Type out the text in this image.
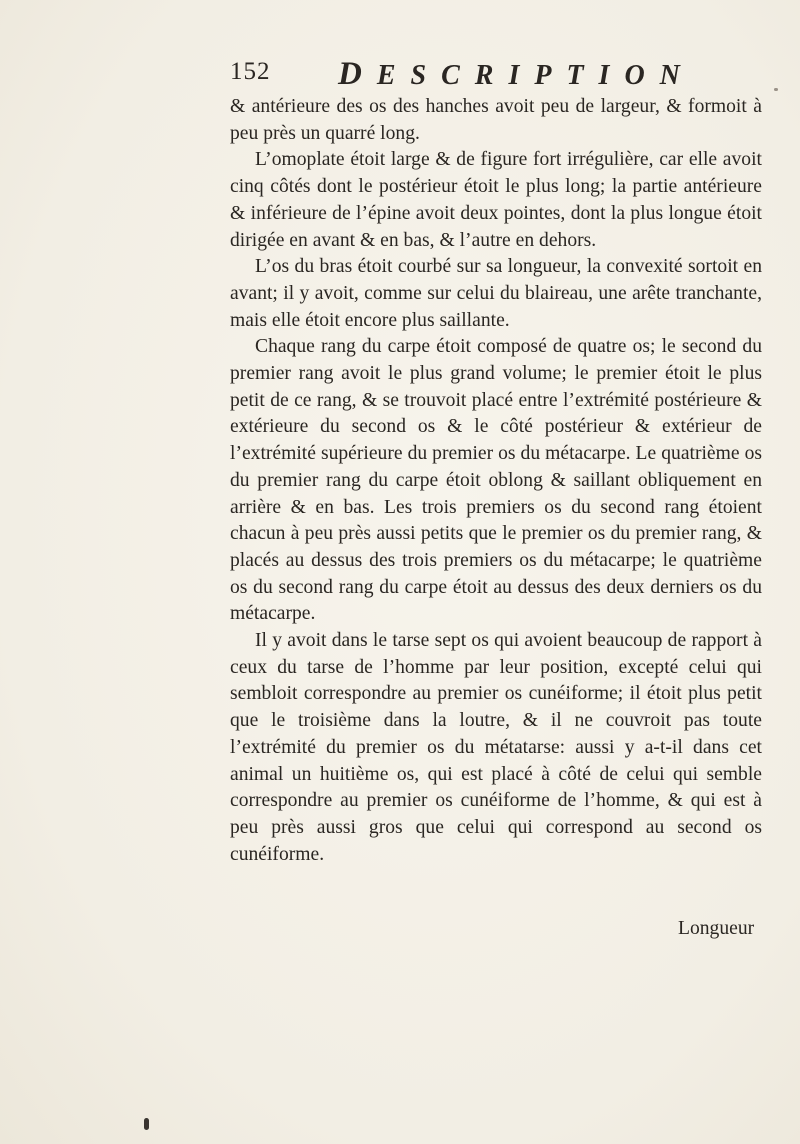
152 DESCRIPTION

& antérieure des os des hanches avoit peu de largeur, & formoit à peu près un quarré long.

L’omoplate étoit large & de figure fort irrégulière, car elle avoit cinq côtés dont le postérieur étoit le plus long; la partie antérieure & inférieure de l’épine avoit deux pointes, dont la plus longue étoit dirigée en avant & en bas, & l’autre en dehors.

L’os du bras étoit courbé sur sa longueur, la convexité sortoit en avant; il y avoit, comme sur celui du blaireau, une arête tranchante, mais elle étoit encore plus saillante.

Chaque rang du carpe étoit composé de quatre os; le second du premier rang avoit le plus grand volume; le premier étoit le plus petit de ce rang, & se trouvoit placé entre l’extrémité postérieure & extérieure du second os & le côté postérieur & extérieur de l’extrémité supérieure du premier os du métacarpe. Le quatrième os du premier rang du carpe étoit oblong & saillant obliquement en arrière & en bas. Les trois premiers os du second rang étoient chacun à peu près aussi petits que le premier os du premier rang, & placés au dessus des trois premiers os du métacarpe; le quatrième os du second rang du carpe étoit au dessus des deux derniers os du métacarpe.

Il y avoit dans le tarse sept os qui avoient beaucoup de rapport à ceux du tarse de l’homme par leur position, excepté celui qui sembloit correspondre au premier os cunéiforme; il étoit plus petit que le troisième dans la loutre, & il ne couvroit pas toute l’extrémité du premier os du métatarse: aussi y a-t-il dans cet animal un huitième os, qui est placé à côté de celui qui semble correspondre au premier os cunéiforme de l’homme, & qui est à peu près aussi gros que celui qui correspond au second os cunéiforme.

Longueur
